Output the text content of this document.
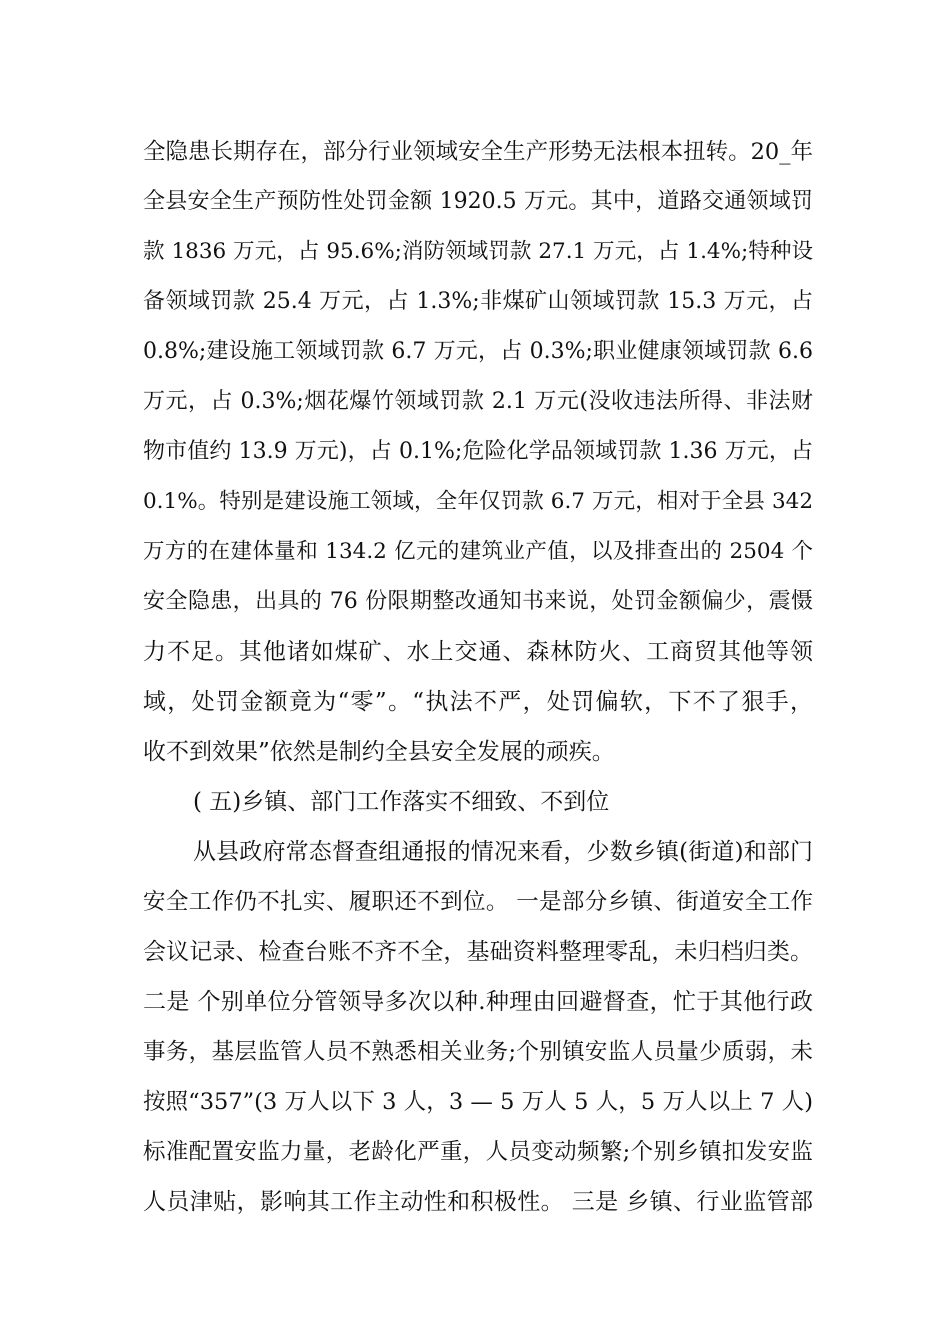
全隐患长期存在，部分行业领域安全生产形势无法根本扭转。20_年
全县安全生产预防性处罚金额 1920.5 万元。其中，道路交通领域罚
款 1836 万元，占 95.6%;消防领域罚款 27.1 万元，占 1.4%;特种设
备领域罚款 25.4 万元，占 1.3%;非煤矿山领域罚款 15.3 万元，占
0.8%;建设施工领域罚款 6.7 万元，占 0.3%;职业健康领域罚款 6.6
万元，占 0.3%;烟花爆竹领域罚款 2.1 万元(没收违法所得、非法财
物市值约 13.9 万元)，占 0.1%;危险化学品领域罚款 1.36 万元，占
0.1%。特别是建设施工领域，全年仅罚款 6.7 万元，相对于全县 342
万方的在建体量和 134.2 亿元的建筑业产值，以及排查出的 2504 个
安全隐患，出具的 76 份限期整改通知书来说，处罚金额偏少，震慑
力不足。其他诸如煤矿、水上交通、森林防火、工商贸其他等领
域，处罚金额竟为“零”。“执法不严，处罚偏软，下不了狠手，
收不到效果”依然是制约全县安全发展的顽疾。
( 五)乡镇、部门工作落实不细致、不到位
从县政府常态督查组通报的情况来看，少数乡镇(街道)和部门
安全工作仍不扎实、履职还不到位。 一是部分乡镇、街道安全工作
会议记录、检查台账不齐不全，基础资料整理零乱，未归档归类。
二是 个别单位分管领导多次以种.种理由回避督查，忙于其他行政
事务，基层监管人员不熟悉相关业务;个别镇安监人员量少质弱，未
按照“357”(3 万人以下 3 人，3 — 5 万人 5 人，5 万人以上 7 人)
标准配置安监力量，老龄化严重，人员变动频繁;个别乡镇扣发安监
人员津贴，影响其工作主动性和积极性。 三是 乡镇、行业监管部
